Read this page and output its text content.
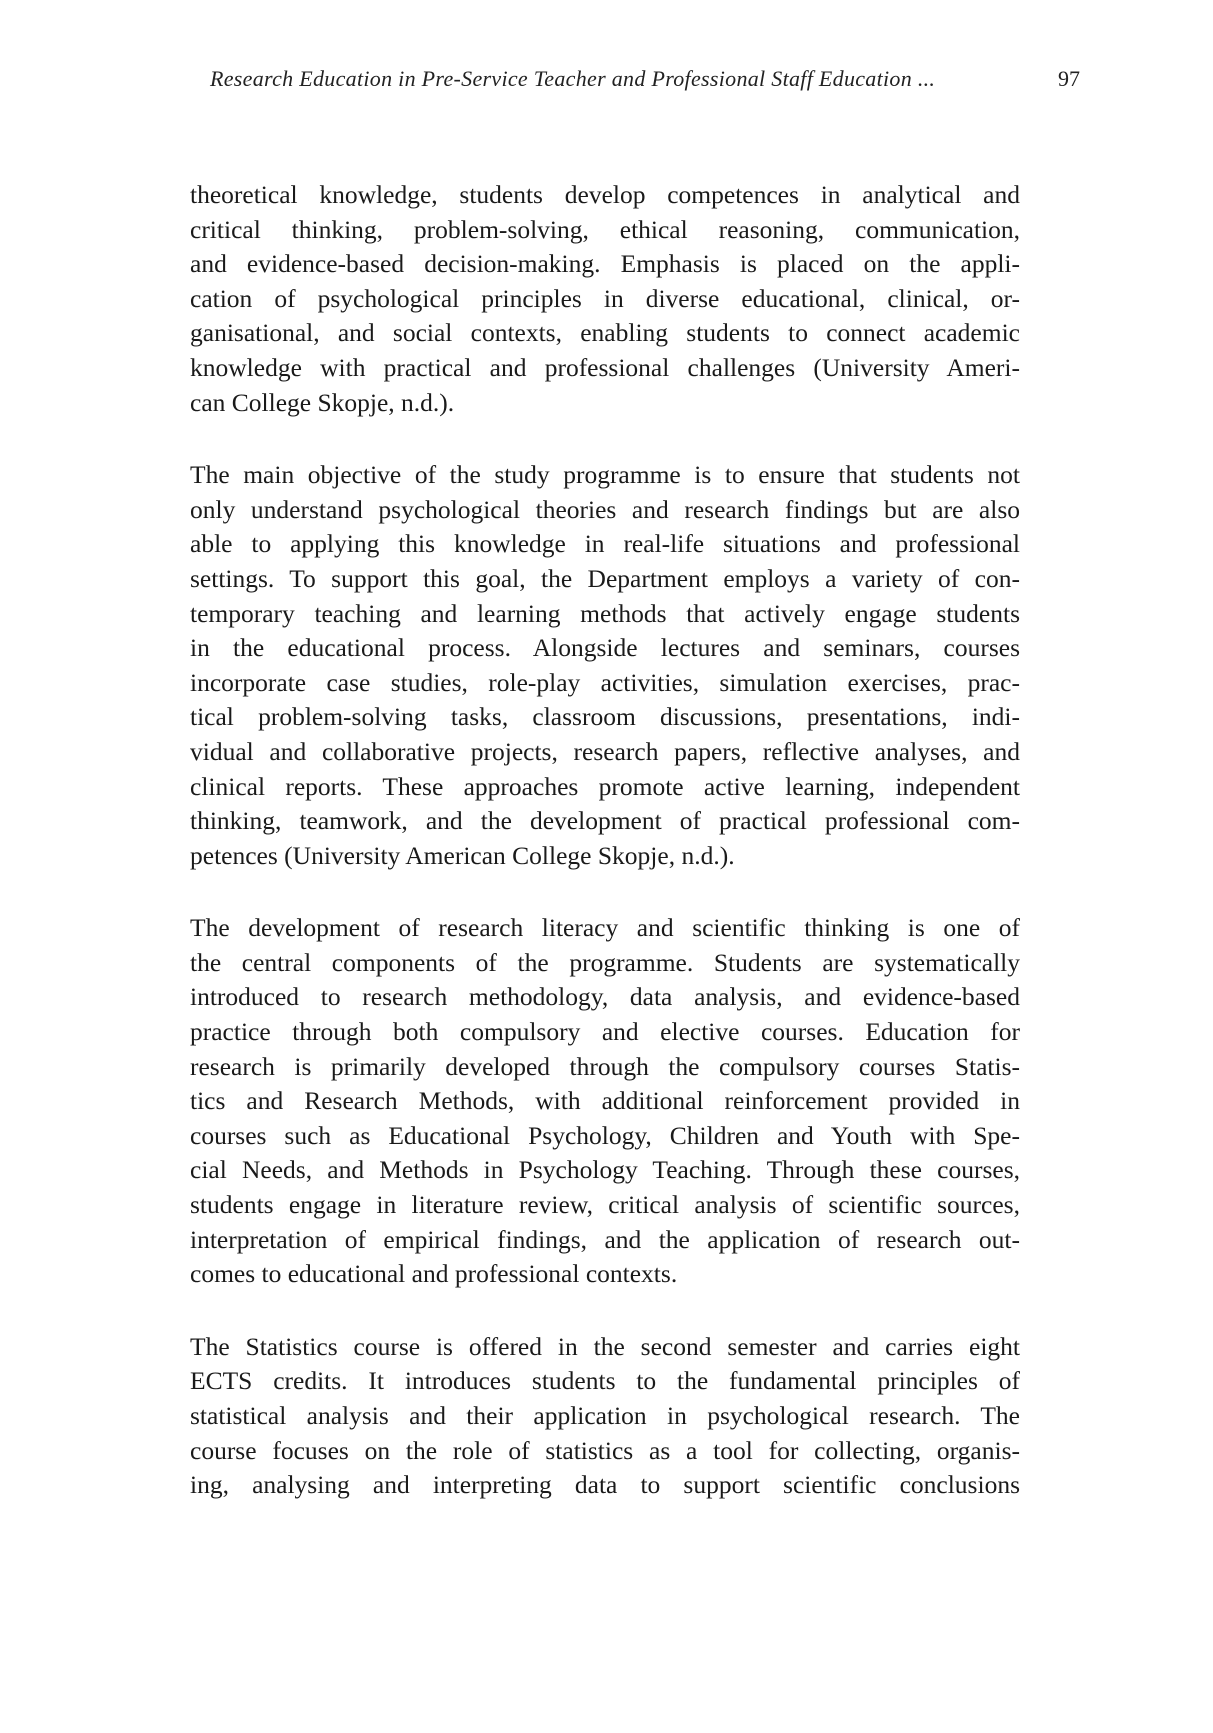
Research Education in Pre-Service Teacher and Professional Staff Education ...	97

theoretical knowledge, students develop competences in analytical and
critical thinking, problem-solving, ethical reasoning, communication,
and evidence-based decision-making. Emphasis is placed on the appli-
cation of psychological principles in diverse educational, clinical, or-
ganisational, and social contexts, enabling students to connect academic
knowledge with practical and professional challenges (University Ameri-
can College Skopje, n.d.).

The main objective of the study programme is to ensure that students not
only understand psychological theories and research findings but are also
able to applying this knowledge in real-life situations and professional
settings. To support this goal, the Department employs a variety of con-
temporary teaching and learning methods that actively engage students
in the educational process. Alongside lectures and seminars, courses
incorporate case studies, role-play activities, simulation exercises, prac-
tical problem-solving tasks, classroom discussions, presentations, indi-
vidual and collaborative projects, research papers, reflective analyses, and
clinical reports. These approaches promote active learning, independent
thinking, teamwork, and the development of practical professional com-
petences (University American College Skopje, n.d.).

The development of research literacy and scientific thinking is one of
the central components of the programme. Students are systematically
introduced to research methodology, data analysis, and evidence-based
practice through both compulsory and elective courses. Education for
research is primarily developed through the compulsory courses Statis-
tics and Research Methods, with additional reinforcement provided in
courses such as Educational Psychology, Children and Youth with Spe-
cial Needs, and Methods in Psychology Teaching. Through these courses,
students engage in literature review, critical analysis of scientific sources,
interpretation of empirical findings, and the application of research out-
comes to educational and professional contexts.

The Statistics course is offered in the second semester and carries eight
ECTS credits. It introduces students to the fundamental principles of
statistical analysis and their application in psychological research. The
course focuses on the role of statistics as a tool for collecting, organis-
ing, analysing and interpreting data to support scientific conclusions
